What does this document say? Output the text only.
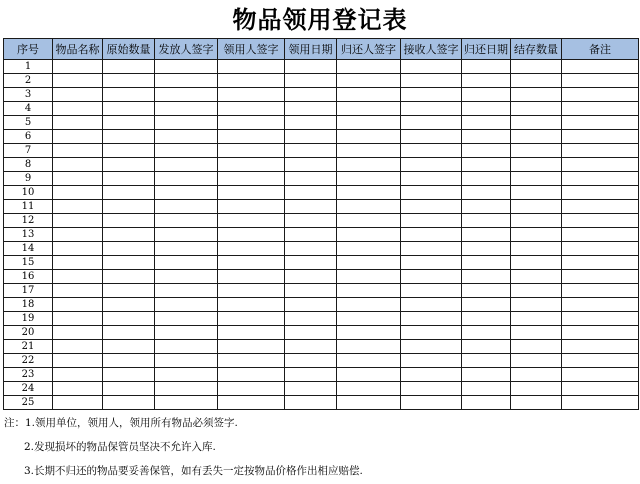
物品领用登记表
序号	物品名称	原始数量	发放人签字	领用人签字	领用日期	归还人签字	接收人签字	归还日期	结存数量	备注
1										
2										
3										
4										
5										
6										
7										
8										
9										
10										
11										
12										
13										
14										
15										
16										
17										
18										
19										
20										
21										
22										
23										
24										
25										
注：1.领用单位，领用人，领用所有物品必须签字.
2.发现损坏的物品保管员坚决不允许入库.
3.长期不归还的物品要妥善保管，如有丢失一定按物品价格作出相应赔偿.
